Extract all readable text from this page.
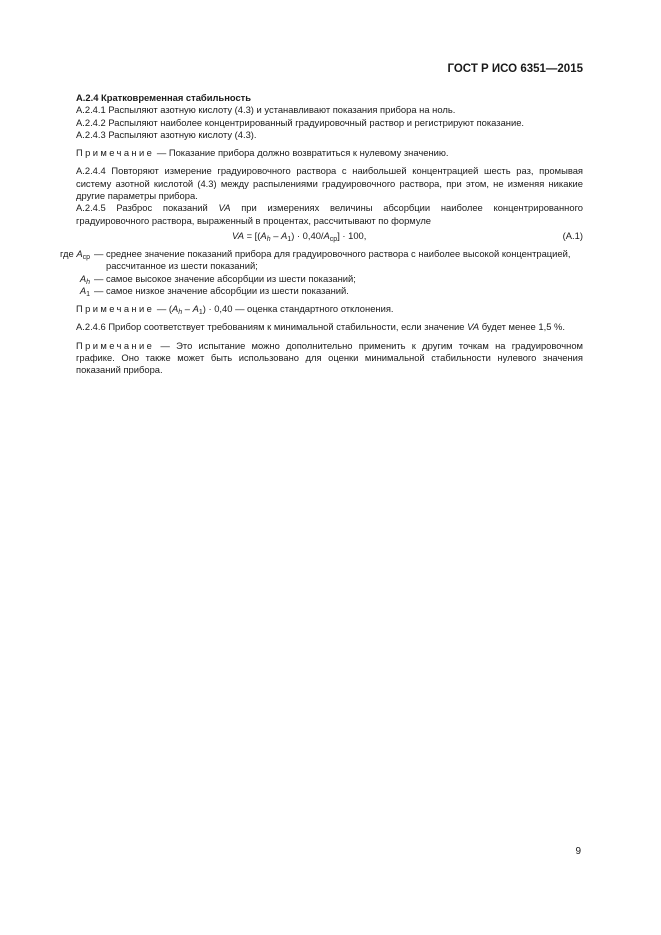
ГОСТ Р ИСО 6351—2015

А.2.4 Кратковременная стабильность

А.2.4.1 Распыляют азотную кислоту (4.3) и устанавливают показания прибора на ноль.

А.2.4.2 Распыляют наиболее концентрированный градуировочный раствор и регистрируют показание.

А.2.4.3 Распыляют азотную кислоту (4.3).

Примечание — Показание прибора должно возвратиться к нулевому значению.

А.2.4.4 Повторяют измерение градуировочного раствора с наибольшей концентрацией шесть раз, промывая систему азотной кислотой (4.3) между распылениями градуировочного раствора, при этом, не изменяя никакие другие параметры прибора.

А.2.4.5 Разброс показаний VA при измерениях величины абсорбции наиболее концентрированного градуировочного раствора, выраженный в процентах, рассчитывают по формуле

VA = $[(A_h - A_1) \cdot 0,40/A_{ср}] \cdot 100$,	(А.1)
где $A_{ср}$ — среднее значение показаний прибора для градуировочного раствора с наиболее высокой концентрацией, рассчитанное из шести показаний;
$A_h$ — самое высокое значение абсорбции из шести показаний;
$A_1$ — самое низкое значение абсорбции из шести показаний.

Примечание — $(A_h - A_1) \cdot 0,40$ — оценка стандартного отклонения.

А.2.4.6 Прибор соответствует требованиям к минимальной стабильности, если значение VA будет менее 1,5 %.

Примечание — Это испытание можно дополнительно применить к другим точкам на градуировочном графике. Оно также может быть использовано для оценки минимальной стабильности нулевого значения показаний прибора.

9
